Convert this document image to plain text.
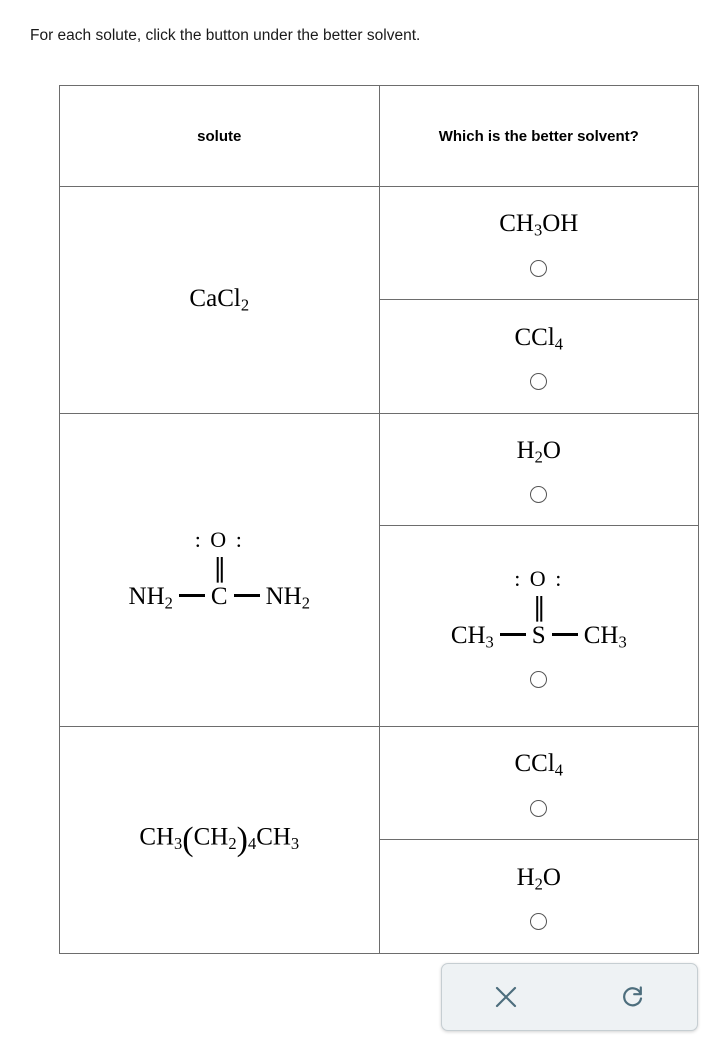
For each solute, click the button under the better solvent.
solute	Which is the better solvent?
CaCl$_2$
$CH_3OH$
CCl$_4$
: O :
∥
$NH_2$ C $NH_2$
$H_2O$
: O :
∥
$CH_3$ S $CH_3$
$CH_3(CH_2)_4CH_3$
CCl$_4$
$H_2O$
